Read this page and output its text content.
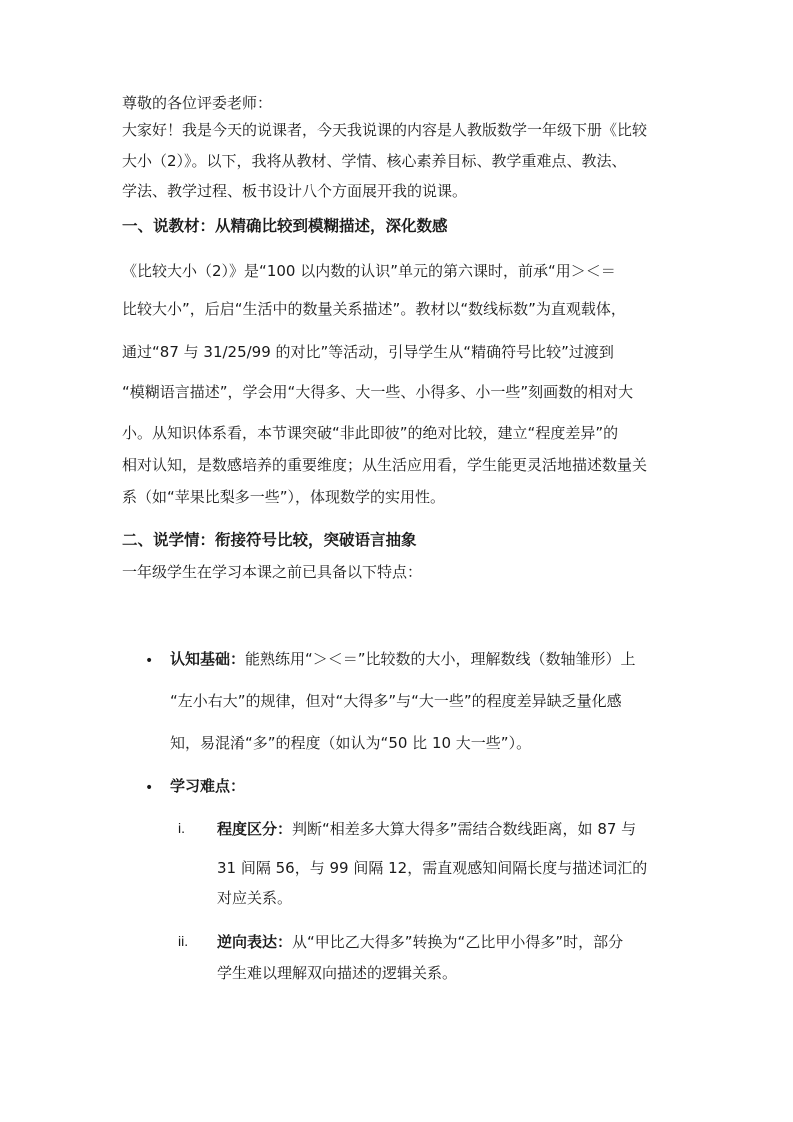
尊敬的各位评委老师：

大家好！我是今天的说课者，今天我说课的内容是人教版数学一年级下册《比较

大小（2）》。以下，我将从教材、学情、核心素养目标、教学重难点、教法、

学法、教学过程、板书设计八个方面展开我的说课。

一、说教材：从精确比较到模糊描述，深化数感

《比较大小（2）》是“100 以内数的认识”单元的第六课时，前承“用＞＜＝

比较大小”，后启“生活中的数量关系描述”。教材以“数线标数”为直观载体，

通过“87 与 31/25/99 的对比”等活动，引导学生从“精确符号比较”过渡到

“模糊语言描述”，学会用“大得多、大一些、小得多、小一些”刻画数的相对大

小。从知识体系看，本节课突破“非此即彼”的绝对比较，建立“程度差异”的

相对认知，是数感培养的重要维度；从生活应用看，学生能更灵活地描述数量关

系（如“苹果比梨多一些”），体现数学的实用性。

二、说学情：衔接符号比较，突破语言抽象

一年级学生在学习本课之前已具备以下特点：

• 认知基础：能熟练用“＞＜＝”比较数的大小，理解数线（数轴雏形）上

“左小右大”的规律，但对“大得多”与“大一些”的程度差异缺乏量化感

知，易混淆“多”的程度（如认为“50 比 10 大一些”）。

• 学习难点：

i. 程度区分：判断“相差多大算大得多”需结合数线距离，如 87 与

31 间隔 56，与 99 间隔 12，需直观感知间隔长度与描述词汇的

对应关系。

ii. 逆向表达：从“甲比乙大得多”转换为“乙比甲小得多”时，部分

学生难以理解双向描述的逻辑关系。
